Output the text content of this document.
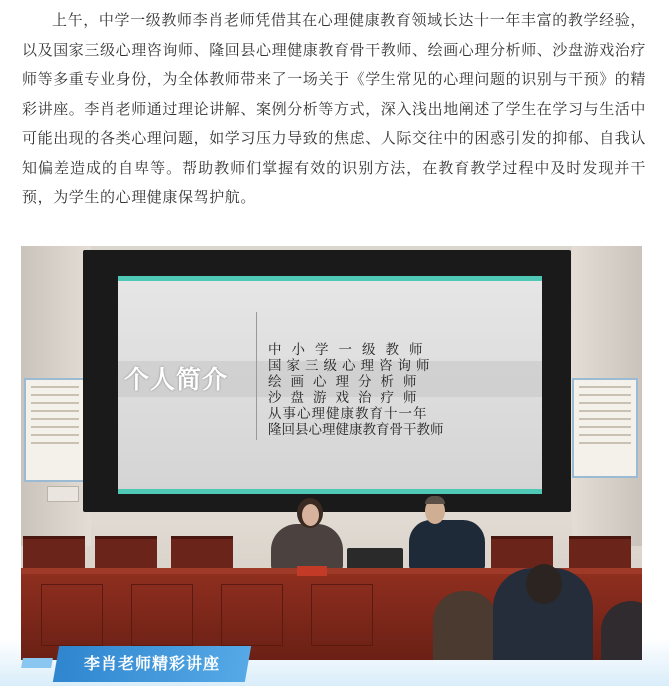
上午，中学一级教师李肖老师凭借其在心理健康教育领域长达十一年丰富的教学经验，以及国家三级心理咨询师、隆回县心理健康教育骨干教师、绘画心理分析师、沙盘游戏治疗师等多重专业身份，为全体教师带来了一场关于《学生常见的心理问题的识别与干预》的精彩讲座。李肖老师通过理论讲解、案例分析等方式，深入浅出地阐述了学生在学习与生活中可能出现的各类心理问题，如学习压力导致的焦虑、人际交往中的困惑引发的抑郁、自我认知偏差造成的自卑等。帮助教师们掌握有效的识别方法，在教育教学过程中及时发现并干预，为学生的心理健康保驾护航。

个人简介
中小学一级教师
国家三级心理咨询师
绘画心理分析师
沙盘游戏治疗师
从事心理健康教育十一年
隆回县心理健康教育骨干教师
李肖老师精彩讲座
